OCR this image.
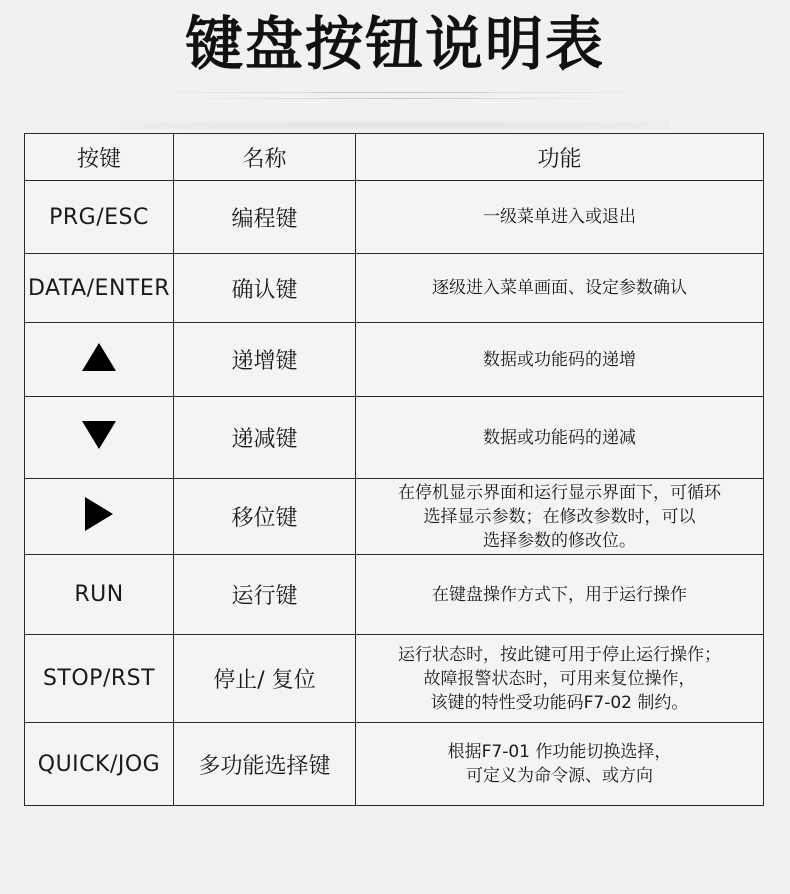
键盘按钮说明表
按键	名称	功能
PRG/ESC	编程键	一级菜单进入或退出

DATA/ENTER	确认键	逐级进入菜单画面、设定参数确认

	递增键	数据或功能码的递增

	递减键	数据或功能码的递减

	移位键	在停机显示界面和运行显示界面下，可循环
选择显示参数；在修改参数时，可以
选择参数的修改位。

RUN	运行键	在键盘操作方式下，用于运行操作

STOP/RST	停止/ 复位	运行状态时，按此键可用于停止运行操作；
故障报警状态时，可用来复位操作，
该键的特性受功能码F7-02 制约。

QUICK/JOG	多功能选择键	根据F7-01 作功能切换选择，
可定义为命令源、或方向
